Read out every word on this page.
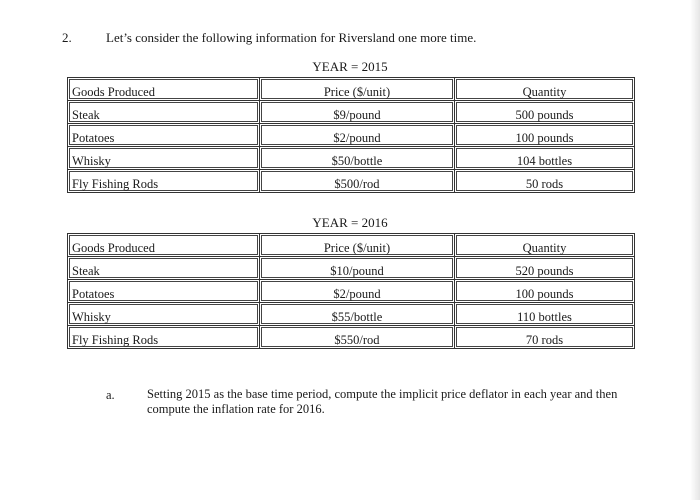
2.	Let’s consider the following information for Riversland one more time.
YEAR = 2015
Goods Produced	Price ($/unit)	Quantity
Steak	$9/pound	500 pounds
Potatoes	$2/pound	100 pounds
Whisky	$50/bottle	104 bottles
Fly Fishing Rods	$500/rod	50 rods
YEAR = 2016
Goods Produced	Price ($/unit)	Quantity
Steak	$10/pound	520 pounds
Potatoes	$2/pound	100 pounds
Whisky	$55/bottle	110 bottles
Fly Fishing Rods	$550/rod	70 rods
a.	Setting 2015 as the base time period, compute the implicit price deflator in each year and then compute the inflation rate for 2016.
